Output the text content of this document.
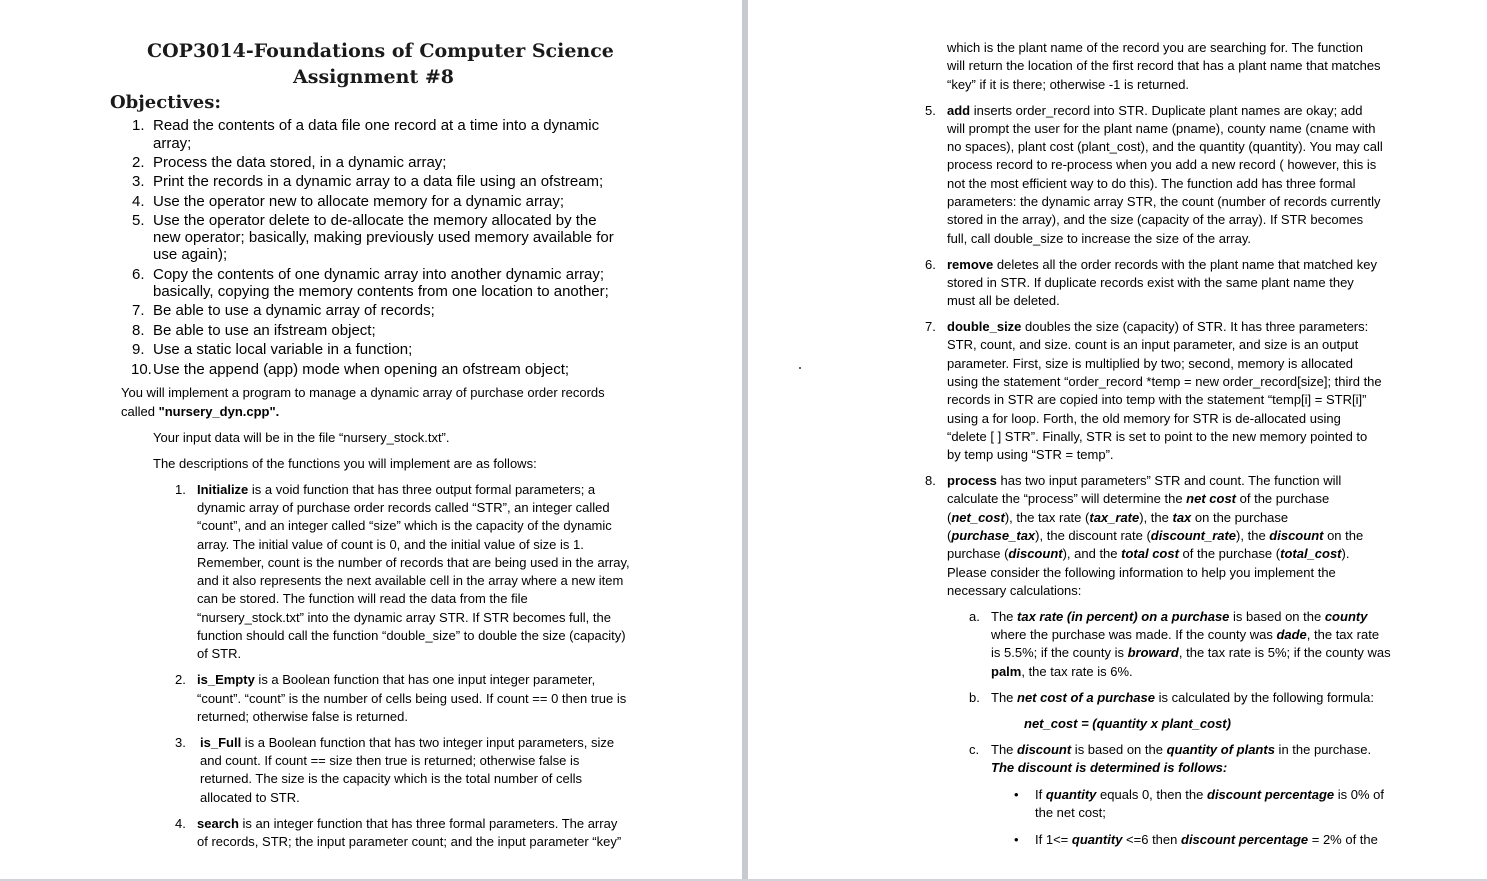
COP3014-Foundations of Computer Science
Assignment #8
Objectives:
1. Read the contents of a data file one record at a time into a dynamic
array;
2. Process the data stored, in a dynamic array;
3. Print the records in a dynamic array to a data file using an ofstream;
4. Use the operator new to allocate memory for a dynamic array;
5. Use the operator delete to de-allocate the memory allocated by the
new operator; basically, making previously used memory available for
use again);
6. Copy the contents of one dynamic array into another dynamic array;
basically, copying the memory contents from one location to another;
7. Be able to use a dynamic array of records;
8. Be able to use an ifstream object;
9. Use a static local variable in a function;
10. Use the append (app) mode when opening an ofstream object;
You will implement a program to manage a dynamic array of purchase order records
called "nursery_dyn.cpp".
Your input data will be in the file “nursery_stock.txt”.
The descriptions of the functions you will implement are as follows:
1. Initialize is a void function that has three output formal parameters; a
dynamic array of purchase order records called “STR”, an integer called
“count”, and an integer called “size” which is the capacity of the dynamic
array. The initial value of count is 0, and the initial value of size is 1.
Remember, count is the number of records that are being used in the array,
and it also represents the next available cell in the array where a new item
can be stored. The function will read the data from the file
“nursery_stock.txt” into the dynamic array STR. If STR becomes full, the
function should call the function “double_size” to double the size (capacity)
of STR.
2. is_Empty is a Boolean function that has one input integer parameter,
“count”. “count” is the number of cells being used. If count == 0 then true is
returned; otherwise false is returned.
3. is_Full is a Boolean function that has two integer input parameters, size
and count. If count == size then true is returned; otherwise false is
returned. The size is the capacity which is the total number of cells
allocated to STR.
4. search is an integer function that has three formal parameters. The array
of records, STR; the input parameter count; and the input parameter “key”
which is the plant name of the record you are searching for. The function
will return the location of the first record that has a plant name that matches
“key” if it is there; otherwise -1 is returned.
5. add inserts order_record into STR. Duplicate plant names are okay; add
will prompt the user for the plant name (pname), county name (cname with
no spaces), plant cost (plant_cost), and the quantity (quantity). You may call
process record to re-process when you add a new record ( however, this is
not the most efficient way to do this). The function add has three formal
parameters: the dynamic array STR, the count (number of records currently
stored in the array), and the size (capacity of the array). If STR becomes
full, call double_size to increase the size of the array.
6. remove deletes all the order records with the plant name that matched key
stored in STR. If duplicate records exist with the same plant name they
must all be deleted.
7. double_size doubles the size (capacity) of STR. It has three parameters:
STR, count, and size. count is an input parameter, and size is an output
parameter. First, size is multiplied by two; second, memory is allocated
using the statement “order_record *temp = new order_record[size]; third the
records in STR are copied into temp with the statement “temp[i] = STR[i]”
using a for loop. Forth, the old memory for STR is de-allocated using
“delete [ ] STR”. Finally, STR is set to point to the new memory pointed to
by temp using “STR = temp”.
8. process has two input parameters” STR and count. The function will
calculate the “process” will determine the net cost of the purchase
(net_cost), the tax rate (tax_rate), the tax on the purchase
(purchase_tax), the discount rate (discount_rate), the discount on the
purchase (discount), and the total cost of the purchase (total_cost).
Please consider the following information to help you implement the
necessary calculations:
a. The tax rate (in percent) on a purchase is based on the county
where the purchase was made. If the county was dade, the tax rate
is 5.5%; if the county is broward, the tax rate is 5%; if the county was
palm, the tax rate is 6%.
b. The net cost of a purchase is calculated by the following formula:
net_cost = (quantity x plant_cost)
c. The discount is based on the quantity of plants in the purchase.
The discount is determined is follows:
• If quantity equals 0, then the discount percentage is 0% of
the net cost;
• If 1<= quantity <=6 then discount percentage = 2% of the
